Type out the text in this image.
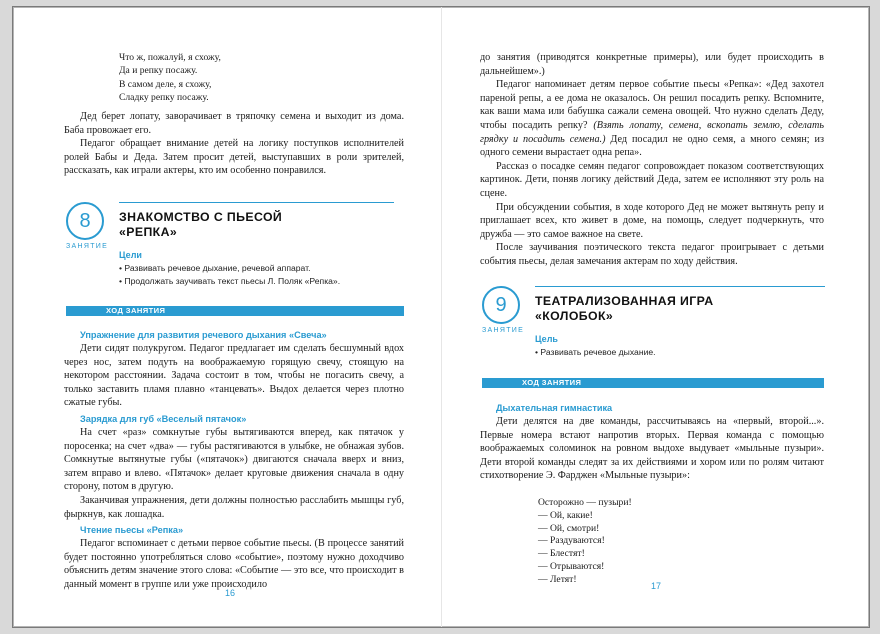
Что ж, пожалуй, я схожу,
Да и репку посажу.
В самом деле, я схожу,
Сладку репку посажу.

Дед берет лопату, заворачивает в тряпочку семена и выходит из дома. Баба провожает его.

Педагог обращает внимание детей на логику поступков исполнителей ролей Бабы и Деда. Затем просит детей, выступавших в роли зрителей, рассказать, как играли актеры, кто им особенно понравился.

8
ЗАНЯТИЕ
ЗНАКОМСТВО С ПЬЕСОЙ
«РЕПКА»
Цели
• Развивать речевое дыхание, речевой аппарат.
• Продолжать заучивать текст пьесы Л. Поляк «Репка».
ХОД ЗАНЯТИЯ

Упражнение для развития речевого дыхания «Свеча»

Дети сидят полукругом. Педагог предлагает им сделать бесшумный вдох через нос, затем подуть на воображаемую горящую свечу, стоящую на некотором расстоянии. Задача состоит в том, чтобы не погасить свечу, а только заставить пламя плавно «танцевать». Выдох делается через плотно сжатые губы.

Зарядка для губ «Веселый пятачок»

На счет «раз» сомкнутые губы вытягиваются вперед, как пятачок у поросенка; на счет «два» — губы растягиваются в улыбке, не обнажая зубов. Сомкнутые вытянутые губы («пятачок») двигаются сначала вверх и вниз, затем вправо и влево. «Пятачок» делает круговые движения сначала в одну сторону, потом в другую.

Заканчивая упражнения, дети должны полностью расслабить мышцы губ, фыркнув, как лошадка.

Чтение пьесы «Репка»

Педагог вспоминает с детьми первое событие пьесы. (В процессе занятий будет постоянно употребляться слово «событие», поэтому нужно доходчиво объяснить детям значение этого слова: «Событие — это все, что происходит в данный момент в группе или уже происходило

16

до занятия (приводятся конкретные примеры), или будет происходить в дальнейшем».)

Педагог напоминает детям первое событие пьесы «Репка»: «Дед захотел пареной репы, а ее дома не оказалось. Он решил посадить репку. Вспомните, как ваши мама или бабушка сажали семена овощей. Что нужно сделать Деду, чтобы посадить репку? (Взять лопату, семена, вскопать землю, сделать грядку и посадить семена.) Дед посадил не одно семя, а много семян; из одного семени вырастает одна репа».

Рассказ о посадке семян педагог сопровождает показом соответствующих картинок. Дети, поняв логику действий Деда, затем ее исполняют эту роль на сцене.

При обсуждении события, в ходе которого Дед не может вытянуть репу и приглашает всех, кто живет в доме, на помощь, следует подчеркнуть, что дружба — это самое важное на свете.

После заучивания поэтического текста педагог проигрывает с детьми события пьесы, делая замечания актерам по ходу действия.

9
ЗАНЯТИЕ
ТЕАТРАЛИЗОВАННАЯ ИГРА
«КОЛОБОК»
Цель
• Развивать речевое дыхание.
ХОД ЗАНЯТИЯ

Дыхательная гимнастика

Дети делятся на две команды, рассчитываясь на «первый, второй...». Первые номера встают напротив вторых. Первая команда с помощью воображаемых соломинок на ровном выдохе выдувает «мыльные пузыри». Дети второй команды следят за их действиями и хором или по ролям читают стихотворение Э. Фарджен «Мыльные пузыри»:

Осторожно — пузыри!
— Ой, какие!
— Ой, смотри!
— Раздуваются!
— Блестят!
— Отрываются!
— Летят!
17
